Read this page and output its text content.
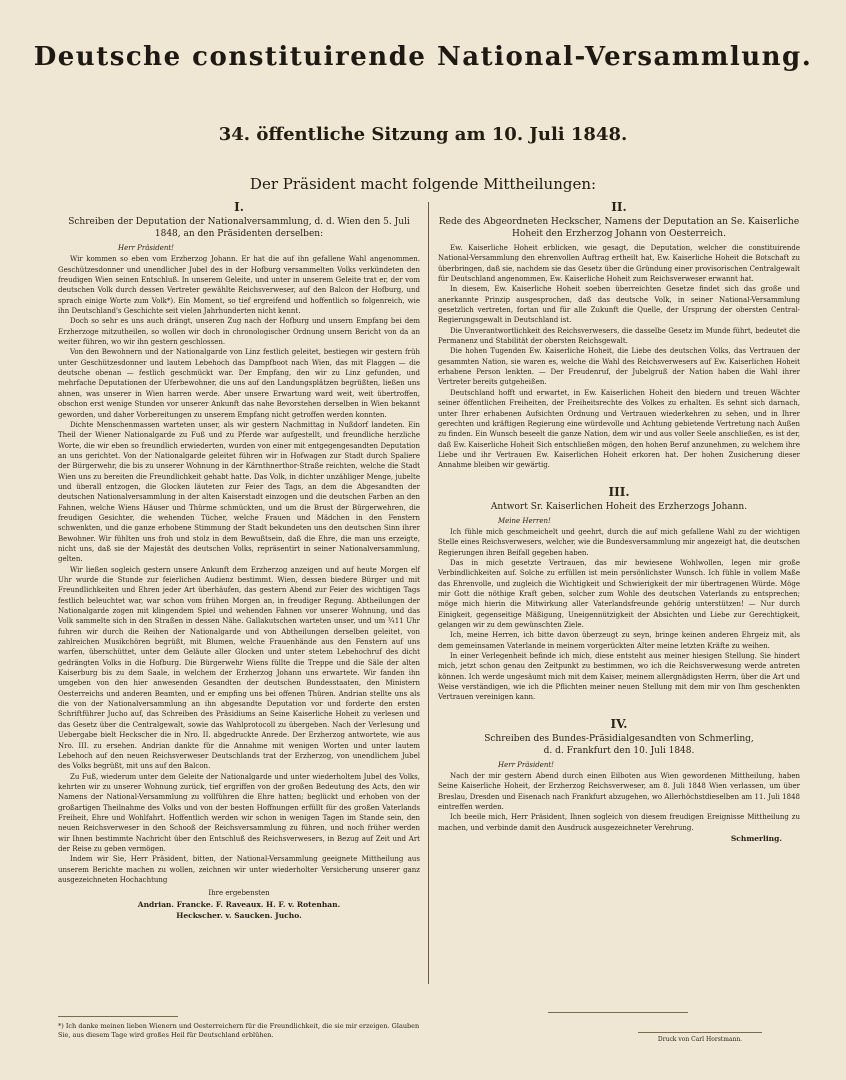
Deutsche constituirende National-Versammlung.
34. öffentliche Sitzung am 10. Juli 1848.
Der Präsident macht folgende Mittheilungen:
I.
Schreiben der Deputation der Nationalversammlung, d. d. Wien den 5. Juli 1848, an den Präsidenten derselben:

Herr Präsident!

Wir kommen so eben vom Erzherzog Johann. Er hat die auf ihn gefallene Wahl angenommen. Geschützesdonner und unendlicher Jubel des in der Hofburg versammelten Volks verkündeten den freudigen Wien seinen Entschluß. In unserem Geleite, und unter in unserem Geleite trat er, der vom deutschen Volk durch dessen Vertreter gewählte Reichsverweser, auf den Balcon der Hofburg, und sprach einige Worte zum Volk*). Ein Moment, so tief ergreifend und hoffentlich so folgenreich, wie ihn Deutschland's Geschichte seit vielen Jahrhunderten nicht kennt.

Doch so sehr es uns auch drängt, unseren Zug nach der Hofburg und unsern Empfang bei dem Erzherzoge mitzutheilen, so wollen wir doch in chronologischer Ordnung unsern Bericht von da an weiter führen, wo wir ihn gestern geschlossen.

Von den Bewohnern und der Nationalgarde von Linz festlich geleitet, bestiegen wir gestern früh unter Geschützesdonner und lautem Lebehoch das Dampfboot nach Wien, das mit Flaggen — die deutsche obenan — festlich geschmückt war. Der Empfang, den wir zu Linz gefunden, und mehrfache Deputationen der Uferbewohner, die uns auf den Landungsplätzen begrüßten, ließen uns ahnen, was unserer in Wien harren werde. Aber unsere Erwartung ward weit, weit übertroffen, obschon erst wenige Stunden vor unserer Ankunft das nahe Bevorstehen derselben in Wien bekannt geworden, und daher Vorbereitungen zu unserem Empfang nicht getroffen werden konnten.

Dichte Menschenmassen warteten unser, als wir gestern Nachmittag in Nußdorf landeten. Ein Theil der Wiener Nationalgarde zu Fuß und zu Pferde war aufgestellt, und freundliche herzliche Worte, die wir eben so freundlich erwiederten, wurden von einer mit entgegengesandten Deputation an uns gerichtet. Von der Nationalgarde geleitet führen wir in Hofwagen zur Stadt durch Spaliere der Bürgerwehr, die bis zu unserer Wohnung in der Kärnthnerthor-Straße reichten, welche die Stadt Wien uns zu bereiten die Freundlichkeit gehabt hatte. Das Volk, in dichter unzähliger Menge, jubelte und überall entzogen, die Glocken läuteten zur Feier des Tags, an dem die Abgesandten der deutschen Nationalversammlung in der alten Kaiserstadt einzogen und die deutschen Farben an den Fahnen, welche Wiens Häuser und Thürme schmückten, und um die Brust der Bürgerwehren, die freudigen Gesichter, die wehenden Tücher, welche Frauen und Mädchen in den Fenstern schwenkten, und die ganze erhobene Stimmung der Stadt bekundeten uns den deutschen Sinn ihrer Bewohner. Wir fühlten uns froh und stolz in dem Bewußtsein, daß die Ehre, die man uns erzeigte, nicht uns, daß sie der Majestät des deutschen Volks, repräsentirt in seiner Nationalversammlung, gelten.

Wir ließen sogleich gestern unsere Ankunft dem Erzherzog anzeigen und auf heute Morgen elf Uhr wurde die Stunde zur feierlichen Audienz bestimmt. Wien, dessen biedere Bürger und mit Freundlichkeiten und Ehren jeder Art überhäufen, das gestern Abend zur Feier des wichtigen Tags festlich beleuchtet war, war schon vom frühen Morgen an, in freudiger Regung. Abtheilungen der Nationalgarde zogen mit klingendem Spiel und wehenden Fahnen vor unserer Wohnung, und das Volk sammelte sich in den Straßen in dessen Nähe. Gallakutschen warteten unser, und um ¾11 Uhr fuhren wir durch die Reihen der Nationalgarde und von Abtheilungen derselben geleitet, von zahlreichen Musikchören begrüßt, mit Blumen, welche Frauenhände aus den Fenstern auf uns warfen, überschüttet, unter dem Geläute aller Glocken und unter stetem Lebehochruf des dicht gedrängten Volks in die Hofburg. Die Bürgerwehr Wiens füllte die Treppe und die Säle der alten Kaiserburg bis zu dem Saale, in welchem der Erzherzog Johann uns erwartete. Wir fanden ihn umgeben von den hier anwesenden Gesandten der deutschen Bundesstaaten, den Ministern Oesterreichs und anderen Beamten, und er empfing uns bei offenen Thüren. Andrian stellte uns als die von der Nationalversammlung an ihn abgesandte Deputation vor und forderte den ersten Schriftführer Jucho auf, das Schreiben des Präsidiums an Seine Kaiserliche Hoheit zu verlesen und das Gesetz über die Centralgewalt, sowie das Wahlprotocoll zu übergeben. Nach der Verlesung und Uebergabe bielt Heckscher die in Nro. II. abgedruckte Anrede. Der Erzherzog antwortete, wie aus Nro. III. zu ersehen. Andrian dankte für die Annahme mit wenigen Worten und unter lautem Lebehoch auf den neuen Reichsverweser Deutschlands trat der Erzherzog, von unendlichem Jubel des Volks begrüßt, mit uns auf den Balcon.

Zu Fuß, wiederum unter dem Geleite der Nationalgarde und unter wiederholtem Jubel des Volks, kehrten wir zu unserer Wohnung zurück, tief ergriffen von der großen Bedeutung des Acts, den wir Namens der National-Versammlung zu vollführen die Ehre hatten; beglückt und erhoben von der großartigen Theilnahme des Volks und von der besten Hoffnungen erfüllt für des großen Vaterlands Freiheit, Ehre und Wohlfahrt. Hoffentlich werden wir schon in wenigen Tagen im Stande sein, den neuen Reichsverweser in den Schooß der Reichsversammlung zu führen, und noch früher werden wir Ihnen bestimmte Nachricht über den Entschluß des Reichsverwesers, in Bezug auf Zeit und Art der Reise zu geben vermögen.

Indem wir Sie, Herr Präsident, bitten, der National-Versammlung geeignete Mittheilung aus unserem Berichte machen zu wollen, zeichnen wir unter wiederholter Versicherung unserer ganz ausgezeichneten Hochachtung

Ihre ergebensten
Andrian. Francke. F. Raveaux. H. F. v. Rotenhan.
Heckscher. v. Saucken. Jucho.
*) Ich danke meinen lieben Wienern und Oesterreichern für die Freundlichkeit, die sie mir erzeigen. Glauben Sie, aus diesem Tage wird großes Heil für Deutschland erblühen.
II.
Rede des Abgeordneten Heckscher, Namens der Deputation an Se. Kaiserliche Hoheit den Erzherzog Johann von Oesterreich.

Ew. Kaiserliche Hoheit erblicken, wie gesagt, die Deputation, welcher die constituirende National-Versammlung den ehrenvollen Auftrag ertheilt hat, Ew. Kaiserliche Hoheit die Botschaft zu überbringen, daß sie, nachdem sie das Gesetz über die Gründung einer provisorischen Centralgewalt für Deutschland angenommen, Ew. Kaiserliche Hoheit zum Reichsverweser erwannt hat.

In diesem, Ew. Kaiserliche Hoheit soeben überreichten Gesetze findet sich das große und anerkannte Prinzip ausgesprochen, daß das deutsche Volk, in seiner National-Versammlung gesetzlich vertreten, fortan und für alle Zukunft die Quelle, der Ursprung der obersten Central-Regierungsgewalt in Deutschland ist.

Die Unverantwortlichkeit des Reichsverwesers, die dasselbe Gesetz im Munde führt, bedeutet die Permanenz und Stabilität der obersten Reichsgewalt.

Die hohen Tugenden Ew. Kaiserliche Hoheit, die Liebe des deutschen Volks, das Vertrauen der gesammten Nation, sie waren es, welche die Wahl des Reichsverwesers auf Ew. Kaiserlichen Hoheit erhabene Person lenkten. — Der Freudenruf, der Jubelgruß der Nation haben die Wahl ihrer Vertreter bereits gutgeheißen.

Deutschland hofft und erwartet, in Ew. Kaiserlichen Hoheit den biedern und treuen Wächter seiner öffentlichen Freiheiten, der Freiheitsrechte des Volkes zu erhalten. Es sehnt sich darnach, unter Ihrer erhabenen Aufsichten Ordnung und Vertrauen wiederkehren zu sehen, und in Ihrer gerechten und kräftigen Regierung eine würdevolle und Achtung gebietende Vertretung nach Außen zu finden. Ein Wunsch beseelt die ganze Nation, dem wir und aus voller Seele anschließen, es ist der, daß Ew. Kaiserliche Hoheit Sich entschließen mögen, den hohen Beruf anzunehmen, zu welchem ihre Liebe und ihr Vertrauen Ew. Kaiserlichen Hoheit erkoren hat. Der hohen Zusicherung dieser Annahme bleiben wir gewärtig.

III.
Antwort Sr. Kaiserlichen Hoheit des Erzherzogs Johann.

Meine Herren!

Ich fühle mich geschmeichelt und geehrt, durch die auf mich gefallene Wahl zu der wichtigen Stelle eines Reichsverwesers, welcher, wie die Bundesversammlung mir angezeigt hat, die deutschen Regierungen ihren Beifall gegeben haben.

Das in mich gesetzte Vertrauen, das mir bewiesene Wohlwollen, legen mir große Verbindlichkeiten auf. Solche zu erfüllen ist mein persönlichster Wunsch. Ich fühle in vollem Maße das Ehrenvolle, und zugleich die Wichtigkeit und Schwierigkeit der mir übertragenen Würde. Möge mir Gott die nöthige Kraft geben, solcher zum Wohle des deutschen Vaterlands zu entsprechen; möge mich hierin die Mitwirkung aller Vaterlandsfreunde gehörig unterstützen! — Nur durch Einigkeit, gegenseitige Mäßigung, Uneigennützigkeit der Absichten und Liebe zur Gerechtigkeit, gelangen wir zu dem gewünschten Ziele.

Ich, meine Herren, ich bitte davon überzeugt zu seyn, bringe keinen anderen Ehrgeiz mit, als dem gemeinsamen Vaterlande in meinem vorgerückten Alter meine letzten Kräfte zu weihen.

In einer Verlegenheit befinde ich mich, diese entsteht aus meiner hiesigen Stellung. Sie hindert mich, jetzt schon genau den Zeitpunkt zu bestimmen, wo ich die Reichsverwesung werde antreten können. Ich werde ungesäumt mich mit dem Kaiser, meinem allergnädigsten Herrn, über die Art und Weise verständigen, wie ich die Pflichten meiner neuen Stellung mit dem mir von Ihm geschenkten Vertrauen vereinigen kann.

IV.
Schreiben des Bundes-Präsidialgesandten von Schmerling,
d. d. Frankfurt den 10. Juli 1848.

Herr Präsident!

Nach der mir gestern Abend durch einen Eilboten aus Wien gewordenen Mittheilung, haben Seine Kaiserliche Hoheit, der Erzherzog Reichsverweser, am 8. Juli 1848 Wien verlassen, um über Breslau, Dresden und Eisenach nach Frankfurt abzugehen, wo Allerhöchstdieselben am 11. Juli 1848 eintreffen werden.

Ich beeile mich, Herr Präsident, Ihnen sogleich von diesem freudigen Ereignisse Mittheilung zu machen, und verbinde damit den Ausdruck ausgezeichneter Verehrung.

Schmerling.
Druck von Carl Horstmann.
